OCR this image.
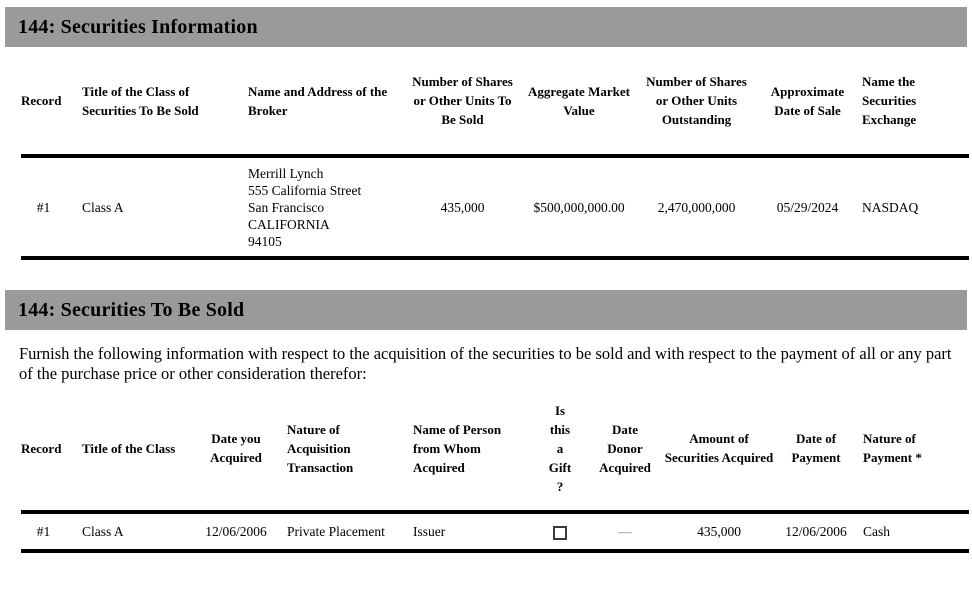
144: Securities Information
Record	Title of the Class of Securities To Be Sold	Name and Address of the Broker	Number of Shares or Other Units To Be Sold	Aggregate Market Value	Number of Shares or Other Units Outstanding	Approximate Date of Sale	Name the Securities Exchange
#1	Class A	Merrill Lynch
555 California Street
San Francisco
CALIFORNIA
94105	435,000	$500,000,000.00	2,470,000,000	05/29/2024	NASDAQ
144: Securities To Be Sold

Furnish the following information with respect to the acquisition of the securities to be sold and with respect to the payment of all or any part of the purchase price or other consideration therefor:

Record	Title of the Class	Date you Acquired	Nature of Acquisition Transaction	Name of Person from Whom Acquired	Is this a Gift ?	Date Donor Acquired	Amount of Securities Acquired	Date of Payment	Nature of Payment *
#1	Class A	12/06/2006	Private Placement	Issuer		—	435,000	12/06/2006	Cash
